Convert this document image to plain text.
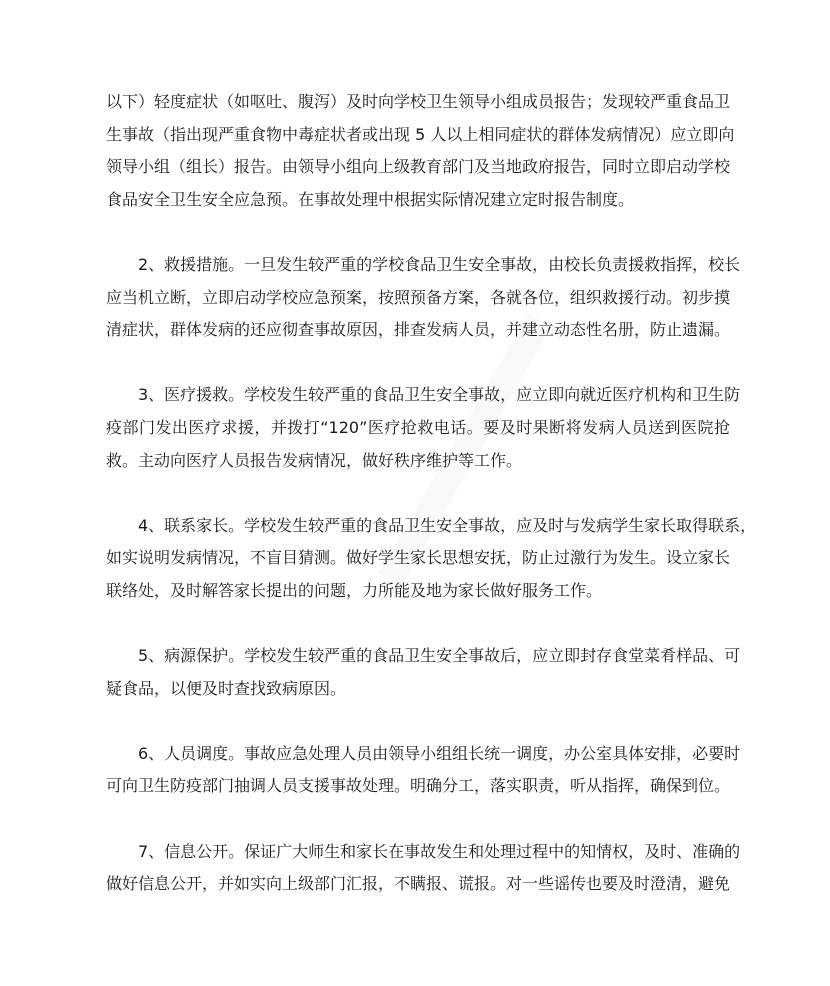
以下）轻度症状（如呕吐、腹泻）及时向学校卫生领导小组成员报告；发现较严重食品卫
生事故（指出现严重食物中毒症状者或出现 5 人以上相同症状的群体发病情况）应立即向
领导小组（组长）报告。由领导小组向上级教育部门及当地政府报告，同时立即启动学校
食品安全卫生安全应急预。在事故处理中根据实际情况建立定时报告制度。
2、救援措施。一旦发生较严重的学校食品卫生安全事故，由校长负责援救指挥，校长
应当机立断，立即启动学校应急预案，按照预备方案，各就各位，组织救援行动。初步摸
清症状，群体发病的还应彻查事故原因，排查发病人员，并建立动态性名册，防止遗漏。
3、医疗援救。学校发生较严重的食品卫生安全事故，应立即向就近医疗机构和卫生防
疫部门发出医疗求援，并拨打“120”医疗抢救电话。要及时果断将发病人员送到医院抢
救。主动向医疗人员报告发病情况，做好秩序维护等工作。
4、联系家长。学校发生较严重的食品卫生安全事故，应及时与发病学生家长取得联系，
如实说明发病情况，不盲目猜测。做好学生家长思想安抚，防止过激行为发生。设立家长
联络处，及时解答家长提出的问题，力所能及地为家长做好服务工作。
5、病源保护。学校发生较严重的食品卫生安全事故后，应立即封存食堂菜肴样品、可
疑食品，以便及时查找致病原因。
6、人员调度。事故应急处理人员由领导小组组长统一调度，办公室具体安排，必要时
可向卫生防疫部门抽调人员支援事故处理。明确分工，落实职责，听从指挥，确保到位。
7、信息公开。保证广大师生和家长在事故发生和处理过程中的知情权，及时、准确的
做好信息公开，并如实向上级部门汇报，不瞒报、谎报。对一些谣传也要及时澄清，避免
